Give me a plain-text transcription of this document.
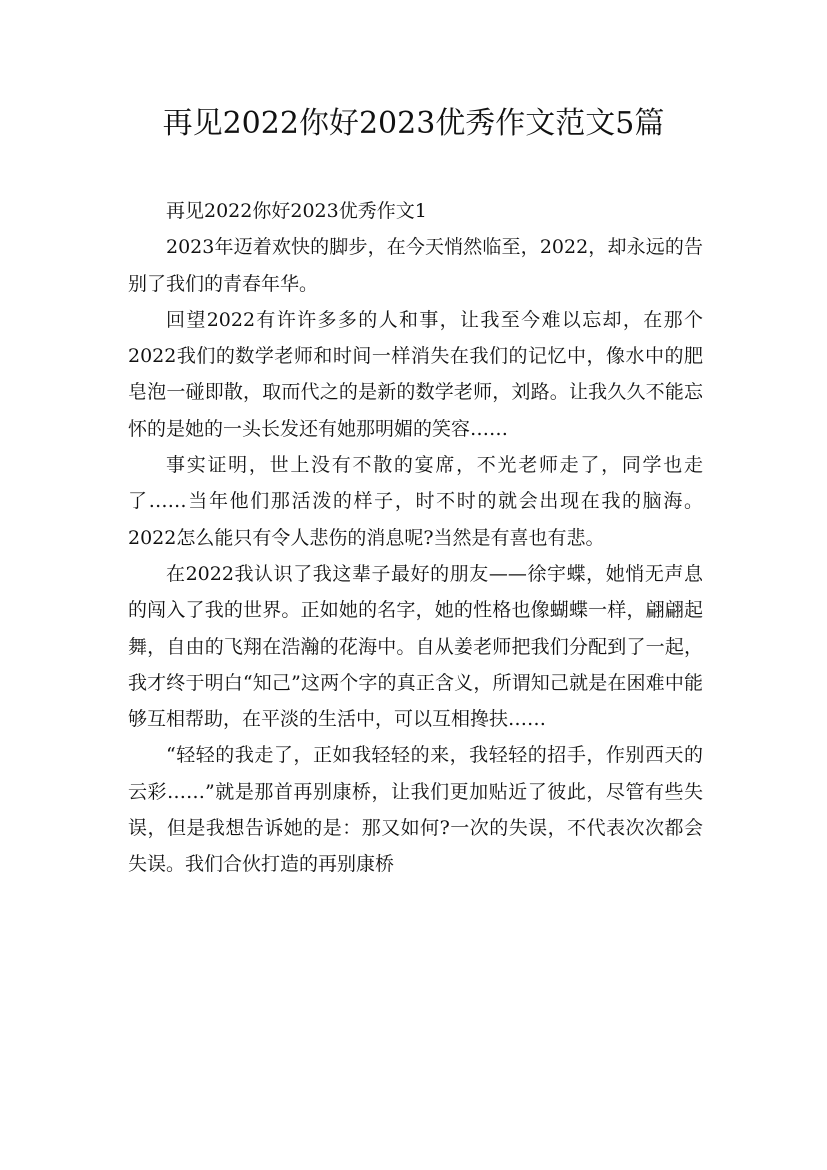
再见2022你好2023优秀作文范文5篇

再见2022你好2023优秀作文1

2023年迈着欢快的脚步，在今天悄然临至，2022，却永远的告别了我们的青春年华。

回望2022有许许多多的人和事，让我至今难以忘却，在那个2022我们的数学老师和时间一样消失在我们的记忆中，像水中的肥皂泡一碰即散，取而代之的是新的数学老师，刘路。让我久久不能忘怀的是她的一头长发还有她那明媚的笑容……

事实证明，世上没有不散的宴席，不光老师走了，同学也走了……当年他们那活泼的样子，时不时的就会出现在我的脑海。2022怎么能只有令人悲伤的消息呢?当然是有喜也有悲。

在2022我认识了我这辈子最好的朋友——徐宇蝶，她悄无声息的闯入了我的世界。正如她的名字，她的性格也像蝴蝶一样，翩翩起舞，自由的飞翔在浩瀚的花海中。自从姜老师把我们分配到了一起，我才终于明白“知己”这两个字的真正含义，所谓知己就是在困难中能够互相帮助，在平淡的生活中，可以互相搀扶……

“轻轻的我走了，正如我轻轻的来，我轻轻的招手，作别西天的云彩……”就是那首再别康桥，让我们更加贴近了彼此，尽管有些失误，但是我想告诉她的是：那又如何?一次的失误，不代表次次都会失误。我们合伙打造的再别康桥
